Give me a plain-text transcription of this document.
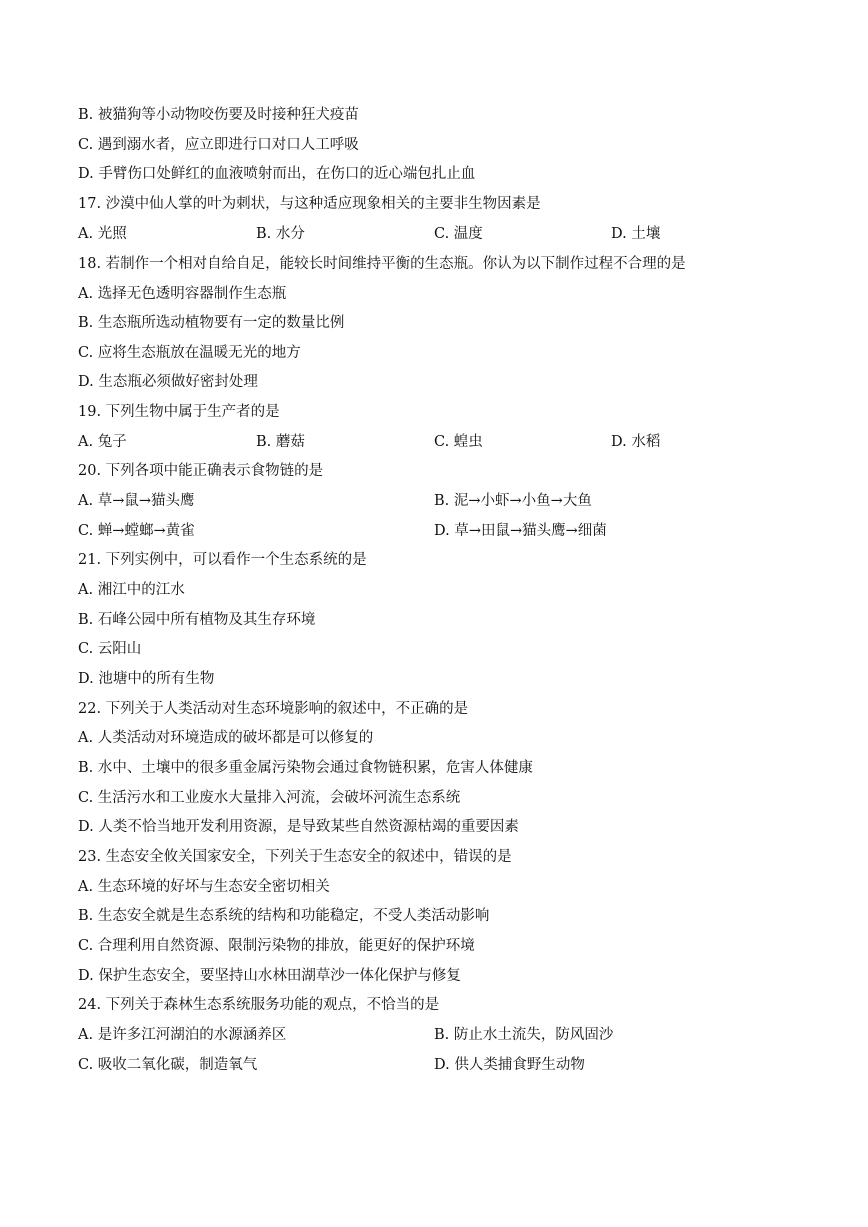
B. 被猫狗等小动物咬伤要及时接种狂犬疫苗
C. 遇到溺水者，应立即进行口对口人工呼吸
D. 手臂伤口处鲜红的血液喷射而出，在伤口的近心端包扎止血
17. 沙漠中仙人掌的叶为刺状，与这种适应现象相关的主要非生物因素是
A. 光照	B. 水分	C. 温度	D. 土壤
18. 若制作一个相对自给自足，能较长时间维持平衡的生态瓶。你认为以下制作过程不合理的是
A. 选择无色透明容器制作生态瓶
B. 生态瓶所选动植物要有一定的数量比例
C. 应将生态瓶放在温暖无光的地方
D. 生态瓶必须做好密封处理
19. 下列生物中属于生产者的是
A. 兔子	B. 蘑菇	C. 蝗虫	D. 水稻
20. 下列各项中能正确表示食物链的是
A. 草→鼠→猫头鹰	B. 泥→小虾→小鱼→大鱼
C. 蝉→螳螂→黄雀	D. 草→田鼠→猫头鹰→细菌
21. 下列实例中，可以看作一个生态系统的是
A. 湘江中的江水
B. 石峰公园中所有植物及其生存环境
C. 云阳山
D. 池塘中的所有生物
22. 下列关于人类活动对生态环境影响的叙述中，不正确的是
A. 人类活动对环境造成的破坏都是可以修复的
B. 水中、土壤中的很多重金属污染物会通过食物链积累，危害人体健康
C. 生活污水和工业废水大量排入河流，会破坏河流生态系统
D. 人类不恰当地开发利用资源，是导致某些自然资源枯竭的重要因素
23. 生态安全攸关国家安全，下列关于生态安全的叙述中，错误的是
A. 生态环境的好坏与生态安全密切相关
B. 生态安全就是生态系统的结构和功能稳定，不受人类活动影响
C. 合理利用自然资源、限制污染物的排放，能更好的保护环境
D. 保护生态安全，要坚持山水林田湖草沙一体化保护与修复
24. 下列关于森林生态系统服务功能的观点，不恰当的是
A. 是许多江河湖泊的水源涵养区	B. 防止水土流失，防风固沙
C. 吸收二氧化碳，制造氧气	D. 供人类捕食野生动物
